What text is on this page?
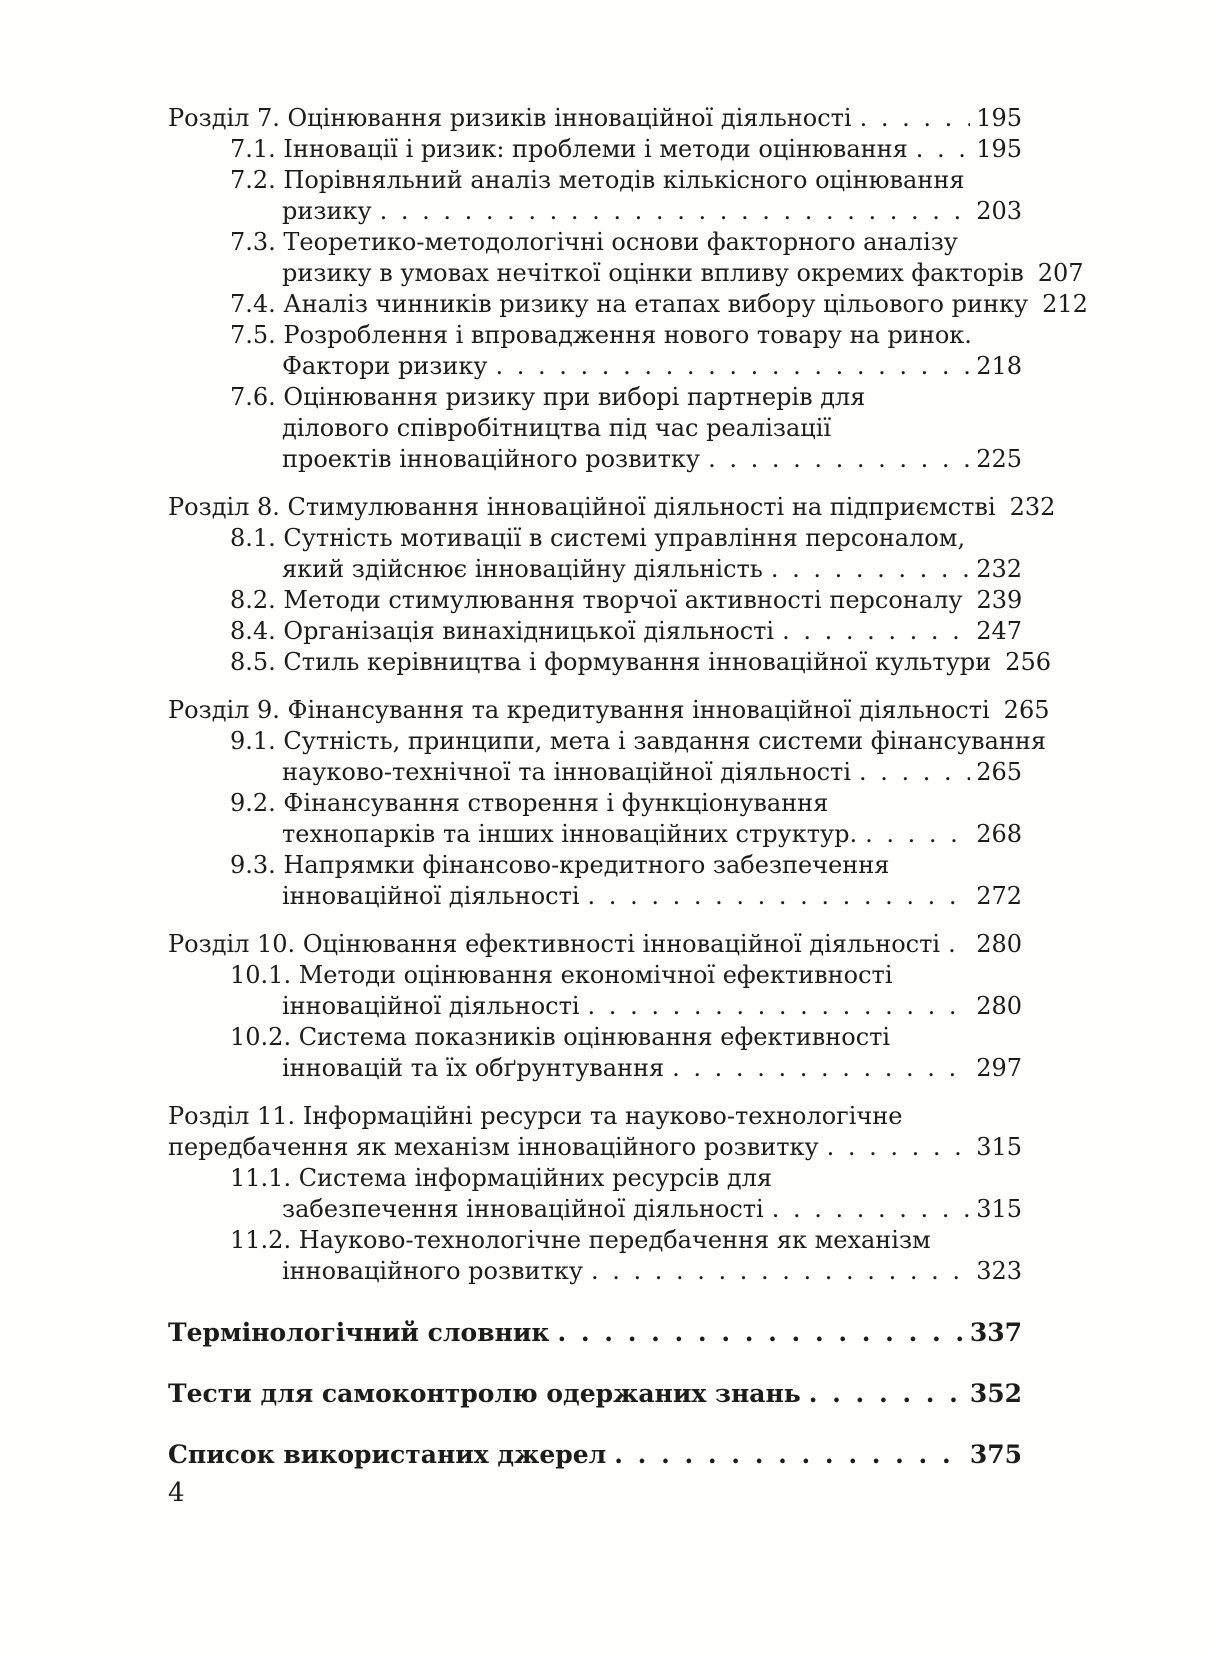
Розділ 7. Оцінювання ризиків інноваційної діяльності . . .	195
7.1. Інновації і ризик: проблеми і методи оцінювання . . .	195
7.2. Порівняльний аналіз методів кількісного оцінювання
ризику . . .	203
7.3. Теоретико-методологічні основи факторного аналізу
ризику в умовах нечіткої оцінки впливу окремих факторів 207
7.4. Аналіз чинників ризику на етапах вибору цільового ринку 212
7.5. Розроблення і впровадження нового товару на ринок.
Фактори ризику . . .	218
7.6. Оцінювання ризику при виборі партнерів для
ділового співробітництва під час реалізації
проектів інноваційного розвитку . . .	225
Розділ 8. Стимулювання інноваційної діяльності на підприємстві 232
8.1. Сутність мотивації в системі управління персоналом,
який здійснює інноваційну діяльність . . .	232
8.2. Методи стимулювання творчої активності персоналу 239
8.4. Організація винахідницької діяльності . . .	247
8.5. Стиль керівництва і формування інноваційної культури 256
Розділ 9. Фінансування та кредитування інноваційної діяльності 265
9.1. Сутність, принципи, мета і завдання системи фінансування
науково-технічної та інноваційної діяльності . . .	265
9.2. Фінансування створення і функціонування
технопарків та інших інноваційних структур. . . .	268
9.3. Напрямки фінансово-кредитного забезпечення
інноваційної діяльності . . .	272
Розділ 10. Оцінювання ефективності інноваційної діяльності . . . 280
10.1. Методи оцінювання економічної ефективності
інноваційної діяльності . . .	280
10.2. Система показників оцінювання ефективності
інновацій та їх обґрунтування . . .	297
Розділ 11. Інформаційні ресурси та науково-технологічне
передбачення як механізм інноваційного розвитку . . .	315
11.1. Система інформаційних ресурсів для
забезпечення інноваційної діяльності . . .	315
11.2. Науково-технологічне передбачення як механізм
інноваційного розвитку . . .	323
Термінологічний словник . . .	337
Тести для самоконтролю одержаних знань . . .	352
Список використаних джерел . . .	375
4
